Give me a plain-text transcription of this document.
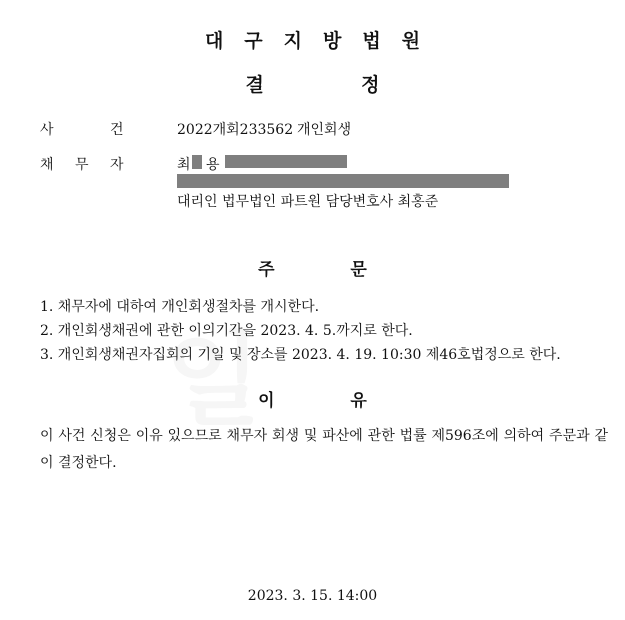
일
대구지방법원
결	정
사	건	2022개회233562 개인회생
채 무 자	최 용
대리인 법무법인 파트원 담당변호사 최홍준
주	문
1. 채무자에 대하여 개인회생절차를 개시한다.
2. 개인회생채권에 관한 이의기간을 2023. 4. 5.까지로 한다.
3. 개인회생채권자집회의 기일 및 장소를 2023. 4. 19. 10:30 제46호법정으로 한다.
이	유
이 사건 신청은 이유 있으므로 채무자 회생 및 파산에 관한 법률 제596조에 의하여 주문과 같이 결정한다.
2023. 3. 15. 14:00
